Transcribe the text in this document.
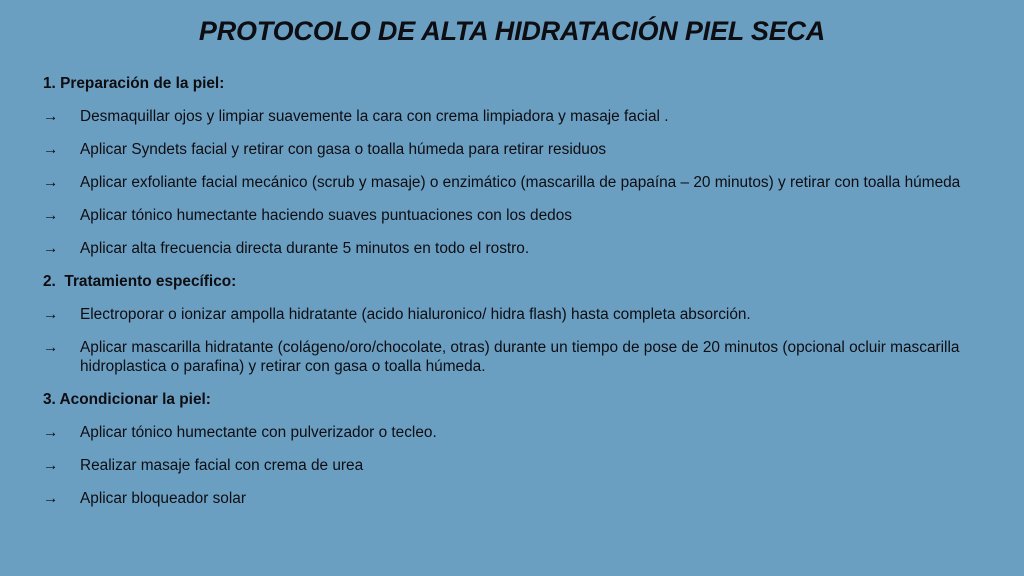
PROTOCOLO DE ALTA HIDRATACIÓN PIEL SECA
1. Preparación de la piel:
→	Desmaquillar ojos y limpiar suavemente la cara con crema limpiadora y masaje facial .
→	Aplicar Syndets facial y retirar con gasa o toalla húmeda para retirar residuos
→	Aplicar exfoliante facial mecánico (scrub y masaje) o enzimático (mascarilla de papaína – 20 minutos) y retirar con toalla húmeda
→	Aplicar tónico humectante haciendo suaves puntuaciones con los dedos
→	Aplicar alta frecuencia directa durante 5 minutos en todo el rostro.
2.  Tratamiento específico:
→	Electroporar o ionizar ampolla hidratante (acido hialuronico/ hidra flash) hasta completa absorción.
→	Aplicar mascarilla hidratante (colágeno/oro/chocolate, otras) durante un tiempo de pose de 20 minutos (opcional ocluir mascarilla hidroplastica o parafina) y retirar con gasa o toalla húmeda.
3. Acondicionar la piel:
→	Aplicar tónico humectante con pulverizador o tecleo.
→	Realizar masaje facial con crema de urea
→	Aplicar bloqueador solar
